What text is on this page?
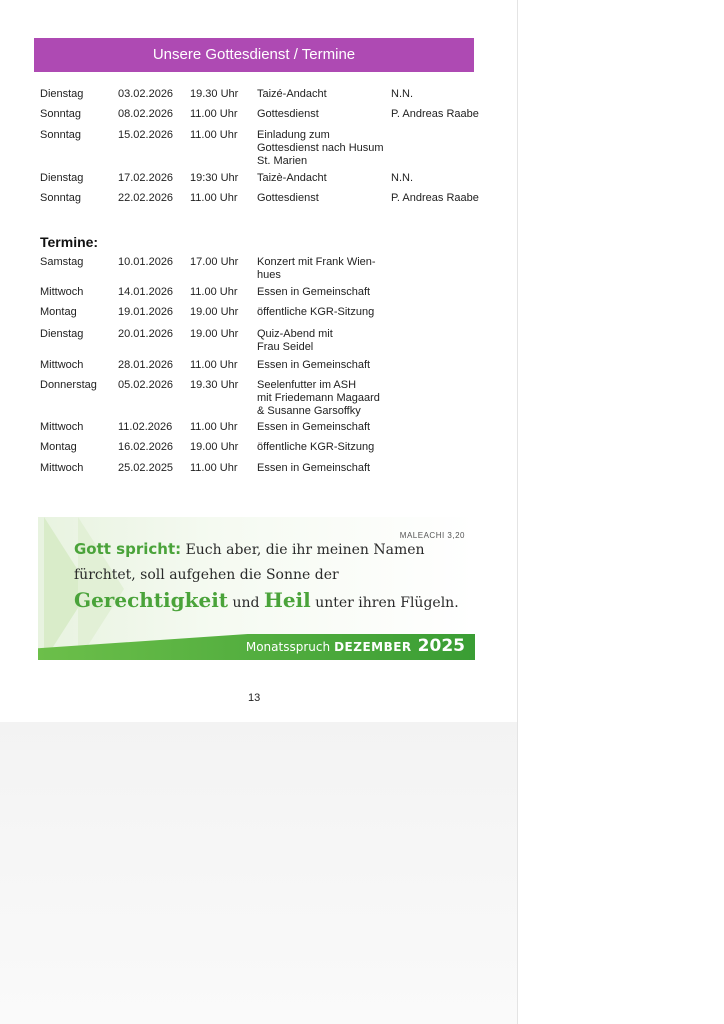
Unsere Gottesdienst / Termine
Dienstag	03.02.2026 19.30 Uhr Taizé-Andacht	N.N.
Sonntag	08.02.2026 11.00 Uhr Gottesdienst	P. Andreas Raabe
Sonntag	15.02.2026 11.00 Uhr Einladung zum
Gottesdienst nach Husum
St. Marien
Dienstag	17.02.2026 19:30 Uhr Taizè-Andacht	N.N.
Sonntag	22.02.2026 11.00 Uhr Gottesdienst	P. Andreas Raabe
Termine:
Samstag	10.01.2026 17.00 Uhr Konzert mit Frank Wien-
hues
Mittwoch	14.01.2026 11.00 Uhr Essen in Gemeinschaft
Montag	19.01.2026 19.00 Uhr öffentliche KGR-Sitzung
Dienstag	20.01.2026 19.00 Uhr Quiz-Abend mit
Frau Seidel
Mittwoch	28.01.2026 11.00 Uhr Essen in Gemeinschaft
Donnerstag 05.02.2026 19.30 Uhr Seelenfutter im ASH
mit Friedemann Magaard
& Susanne Garsoffky
Mittwoch	11.02.2026 11.00 Uhr Essen in Gemeinschaft
Montag	16.02.2026 19.00 Uhr öffentliche KGR-Sitzung
Mittwoch	25.02.2025 11.00 Uhr Essen in Gemeinschaft
MALEACHI 3,20
Gott spricht: Euch aber, die ihr meinen Namen fürchtet, soll aufgehen die Sonne der Gerechtigkeit und Heil unter ihren Flügeln.
Monatsspruch DEZEMBER 2025
13
